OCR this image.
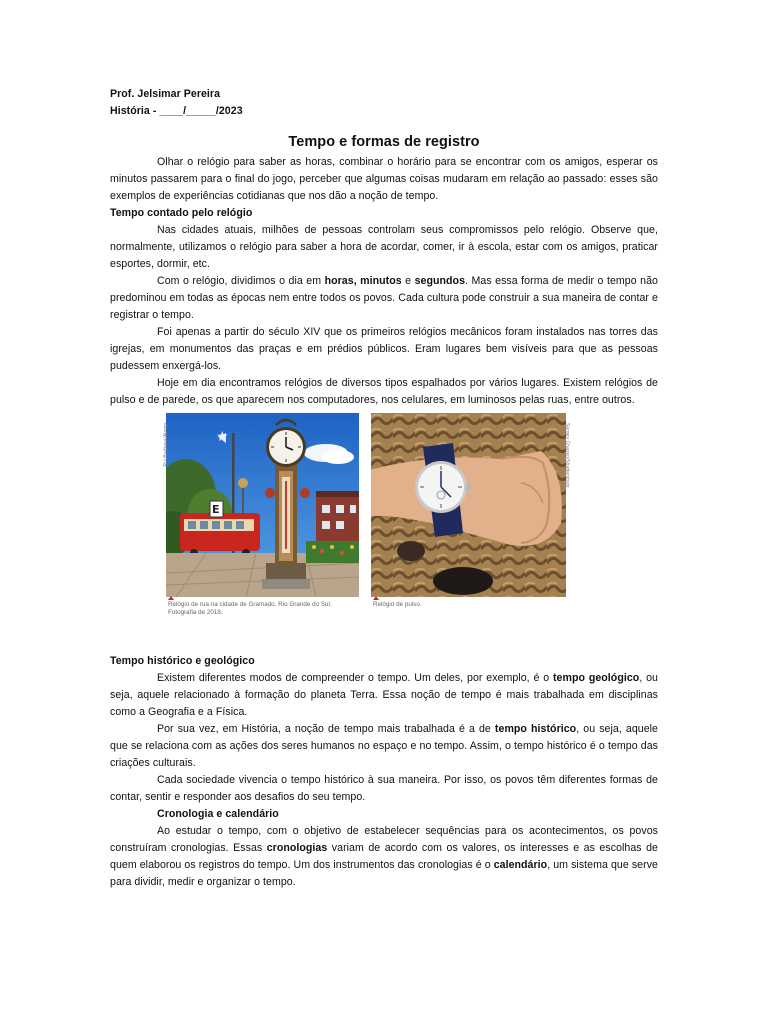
Prof. Jelsimar Pereira

História - ____/_____/2023

Tempo e formas de registro

Olhar o relógio para saber as horas, combinar o horário para se encontrar com os amigos, esperar os minutos passarem para o final do jogo, perceber que algumas coisas mudaram em relação ao passado: esses são exemplos de experiências cotidianas que nos dão a noção de tempo.

Tempo contado pelo relógio

Nas cidades atuais, milhões de pessoas controlam seus compromissos pelo relógio. Observe que, normalmente, utilizamos o relógio para saber a hora de acordar, comer, ir à escola, estar com os amigos, praticar esportes, dormir, etc.

Com o relógio, dividimos o dia em horas, minutos e segundos. Mas essa forma de medir o tempo não predominou em todas as épocas nem entre todos os povos. Cada cultura pode construir a sua maneira de contar e registrar o tempo.

Foi apenas a partir do século XIV que os primeiros relógios mecânicos foram instalados nas torres das igrejas, em monumentos das praças e em prédios públicos. Eram lugares bem visíveis para que as pessoas pudessem enxergá-los.

Hoje em dia encontramos relógios de diversos tipos espalhados por vários lugares. Existem relógios de pulso e de parede, os que aparecem nos computadores, nos celulares, em luminosos pelas ruas, entre outros.

Rui Barbosa/Alamy	★
E
Relógio de rua na cidade de Gramado, Rio Grande do Sul. Fotografia de 2018.
Sergey Chayko/Shutterstock
Relógio de pulso.
Tempo histórico e geológico

Existem diferentes modos de compreender o tempo. Um deles, por exemplo, é o tempo geológico, ou seja, aquele relacionado à formação do planeta Terra. Essa noção de tempo é mais trabalhada em disciplinas como a Geografia e a Física.

Por sua vez, em História, a noção de tempo mais trabalhada é a de tempo histórico, ou seja, aquele que se relaciona com as ações dos seres humanos no espaço e no tempo. Assim, o tempo histórico é o tempo das criações culturais.

Cada sociedade vivencia o tempo histórico à sua maneira. Por isso, os povos têm diferentes formas de contar, sentir e responder aos desafios do seu tempo.

Cronologia e calendário

Ao estudar o tempo, com o objetivo de estabelecer sequências para os acontecimentos, os povos construíram cronologias. Essas cronologias variam de acordo com os valores, os interesses e as escolhas de quem elaborou os registros do tempo. Um dos instrumentos das cronologias é o calendário, um sistema que serve para dividir, medir e organizar o tempo.
